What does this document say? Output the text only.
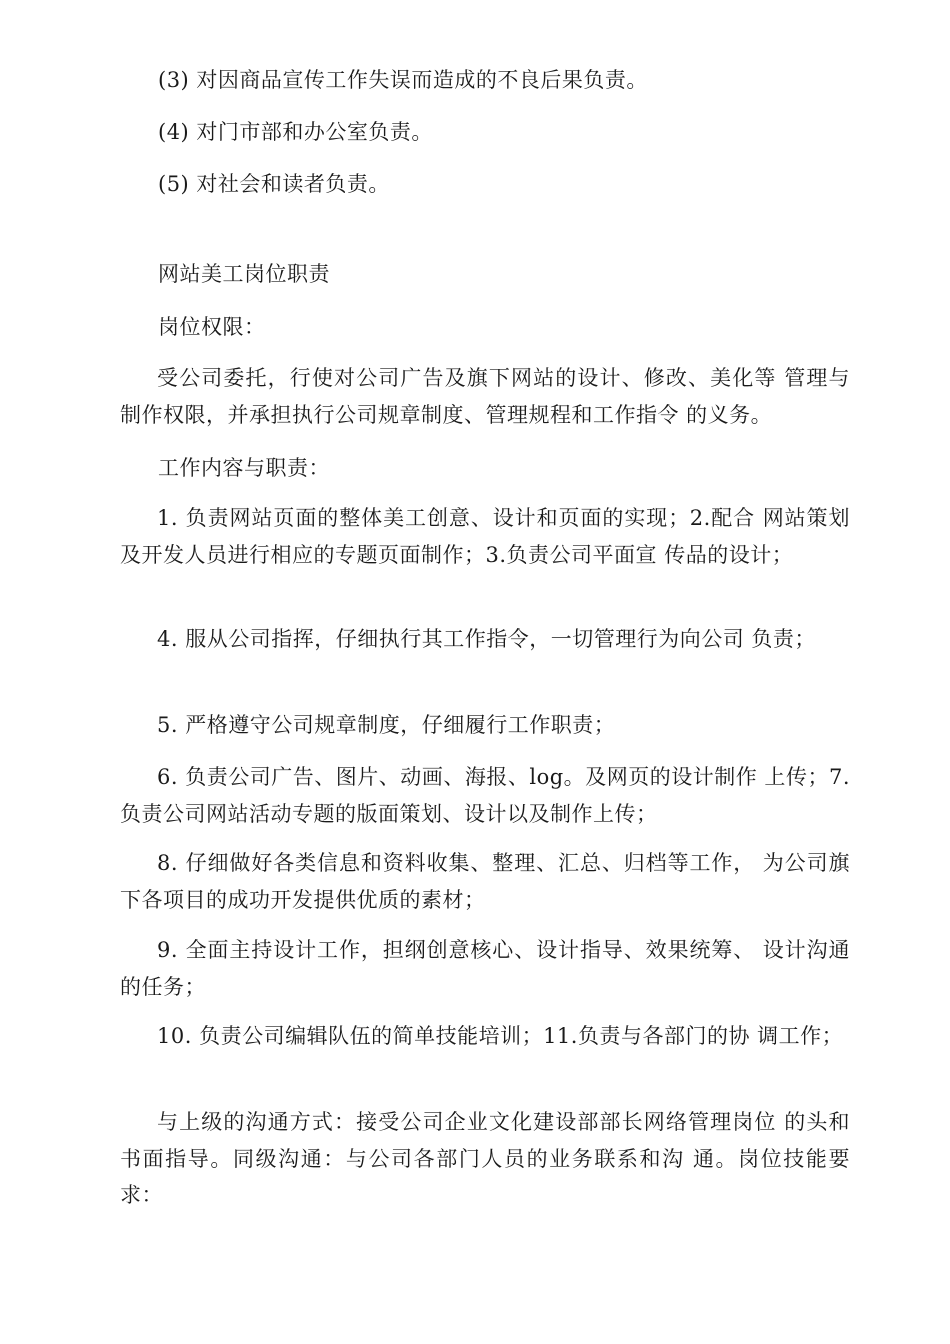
(3) 对因商品宣传工作失误而造成的不良后果负责。
(4) 对门市部和办公室负责。
(5) 对社会和读者负责。
网站美工岗位职责
岗位权限：
受公司委托，行使对公司广告及旗下网站的设计、修改、美化等 管理与制作权限，并承担执行公司规章制度、管理规程和工作指令 的义务。
工作内容与职责：
1. 负责网站页面的整体美工创意、设计和页面的实现；2.配合 网站策划及开发人员进行相应的专题页面制作；3.负责公司平面宣 传品的设计；
4. 服从公司指挥，仔细执行其工作指令，一切管理行为向公司 负责；
5. 严格遵守公司规章制度，仔细履行工作职责；
6. 负责公司广告、图片、动画、海报、log。及网页的设计制作 上传；7.负责公司网站活动专题的版面策划、设计以及制作上传；
8. 仔细做好各类信息和资料收集、整理、汇总、归档等工作， 为公司旗下各项目的成功开发提供优质的素材；
9. 全面主持设计工作，担纲创意核心、设计指导、效果统筹、 设计沟通的任务；
10. 负责公司编辑队伍的简单技能培训；11.负责与各部门的协 调工作；
与上级的沟通方式：接受公司企业文化建设部部长网络管理岗位 的头和书面指导。同级沟通：与公司各部门人员的业务联系和沟 通。岗位技能要求：
